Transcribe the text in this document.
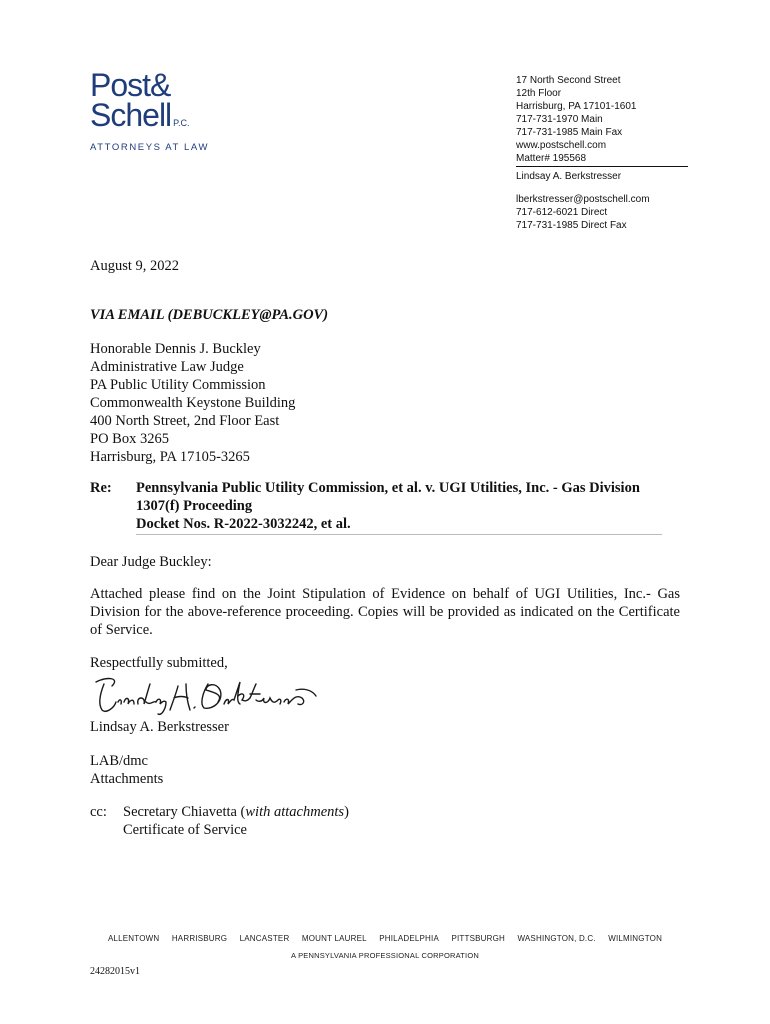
Post&
Schell P.C.
ATTORNEYS AT LAW
17 North Second Street
12th Floor
Harrisburg, PA 17101-1601
717-731-1970 Main
717-731-1985 Main Fax
www.postschell.com
Matter# 195568
Lindsay A. Berkstresser
lberkstresser@postschell.com
717-612-6021 Direct
717-731-1985 Direct Fax
August 9, 2022
VIA EMAIL (DEBUCKLEY@PA.GOV)
Honorable Dennis J. Buckley
Administrative Law Judge
PA Public Utility Commission
Commonwealth Keystone Building
400 North Street, 2nd Floor East
PO Box 3265
Harrisburg, PA 17105-3265
Re: Pennsylvania Public Utility Commission, et al. v. UGI Utilities, Inc. - Gas Division
1307(f) Proceeding
Docket Nos. R-2022-3032242, et al.
Dear Judge Buckley:
Attached please find on the Joint Stipulation of Evidence on behalf of UGI Utilities, Inc.- Gas Division for the above-reference proceeding. Copies will be provided as indicated on the Certificate of Service.
Respectfully submitted,
Lindsay A. Berkstresser
LAB/dmc
Attachments
cc: Secretary Chiavetta (with attachments)
Certificate of Service
ALLENTOWN HARRISBURG LANCASTER MOUNT LAUREL PHILADELPHIA PITTSBURGH WASHINGTON, D.C. WILMINGTON
A PENNSYLVANIA PROFESSIONAL CORPORATION
24282015v1
